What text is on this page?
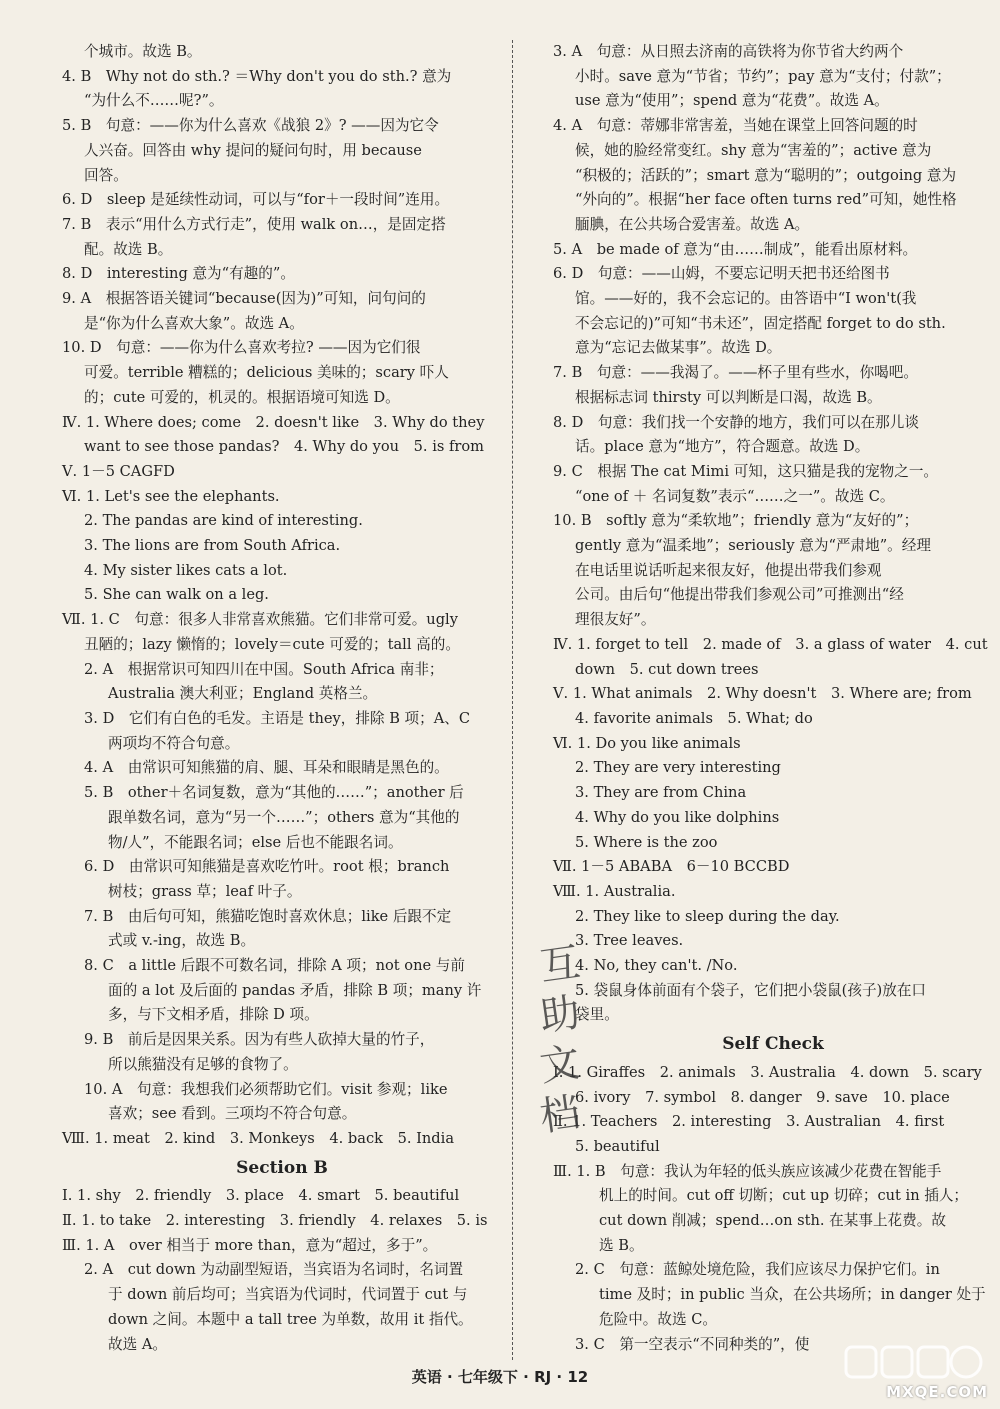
个城市。故选 B。
4. B　Why not do sth.? ＝Why don't you do sth.? 意为
“为什么不……呢?”。
5. B　句意：——你为什么喜欢《战狼 2》? ——因为它令
人兴奋。回答由 why 提问的疑问句时，用 because
回答。
6. D　sleep 是延续性动词，可以与“for＋一段时间”连用。
7. B　表示“用什么方式行走”，使用 walk on…，是固定搭
配。故选 B。
8. D　interesting 意为“有趣的”。
9. A　根据答语关键词“because(因为)”可知，问句问的
是“你为什么喜欢大象”。故选 A。
10. D　句意：——你为什么喜欢考拉? ——因为它们很
可爱。terrible 糟糕的；delicious 美味的；scary 吓人
的；cute 可爱的，机灵的。根据语境可知选 D。
Ⅳ. 1. Where does; come　2. doesn't like　3. Why do they
want to see those pandas?　4. Why do you　5. is from
Ⅴ. 1－5 CAGFD
Ⅵ. 1. Let's see the elephants.
2. The pandas are kind of interesting.
3. The lions are from South Africa.
4. My sister likes cats a lot.
5. She can walk on a leg.
Ⅶ. 1. C　句意：很多人非常喜欢熊猫。它们非常可爱。ugly
丑陋的；lazy 懒惰的；lovely＝cute 可爱的；tall 高的。
2. A　根据常识可知四川在中国。South Africa 南非；
Australia 澳大利亚；England 英格兰。
3. D　它们有白色的毛发。主语是 they，排除 B 项；A、C
两项均不符合句意。
4. A　由常识可知熊猫的肩、腿、耳朵和眼睛是黑色的。
5. B　other＋名词复数，意为“其他的……”；another 后
跟单数名词，意为“另一个……”；others 意为“其他的
物/人”，不能跟名词；else 后也不能跟名词。
6. D　由常识可知熊猫是喜欢吃竹叶。root 根；branch
树枝；grass 草；leaf 叶子。
7. B　由后句可知，熊猫吃饱时喜欢休息；like 后跟不定
式或 v.-ing，故选 B。
8. C　a little 后跟不可数名词，排除 A 项；not one 与前
面的 a lot 及后面的 pandas 矛盾，排除 B 项；many 许
多，与下文相矛盾，排除 D 项。
9. B　前后是因果关系。因为有些人砍掉大量的竹子，
所以熊猫没有足够的食物了。
10. A　句意：我想我们必须帮助它们。visit 参观；like
喜欢；see 看到。三项均不符合句意。
Ⅷ. 1. meat　2. kind　3. Monkeys　4. back　5. India
Section B
Ⅰ. 1. shy　2. friendly　3. place　4. smart　5. beautiful
Ⅱ. 1. to take　2. interesting　3. friendly　4. relaxes　5. is
Ⅲ. 1. A　over 相当于 more than，意为“超过，多于”。
2. A　cut down 为动副型短语，当宾语为名词时，名词置
于 down 前后均可；当宾语为代词时，代词置于 cut 与
down 之间。本题中 a tall tree 为单数，故用 it 指代。
故选 A。
3. A　句意：从日照去济南的高铁将为你节省大约两个
小时。save 意为“节省；节约”；pay 意为“支付；付款”；
use 意为“使用”；spend 意为“花费”。故选 A。
4. A　句意：蒂娜非常害羞，当她在课堂上回答问题的时
候，她的脸经常变红。shy 意为“害羞的”；active 意为
“积极的；活跃的”；smart 意为“聪明的”；outgoing 意为
“外向的”。根据“her face often turns red”可知，她性格
腼腆，在公共场合爱害羞。故选 A。
5. A　be made of 意为“由……制成”，能看出原材料。
6. D　句意：——山姆，不要忘记明天把书还给图书
馆。——好的，我不会忘记的。由答语中“I won't(我
不会忘记的)”可知“书未还”，固定搭配 forget to do sth.
意为“忘记去做某事”。故选 D。
7. B　句意：——我渴了。——杯子里有些水，你喝吧。
根据标志词 thirsty 可以判断是口渴，故选 B。
8. D　句意：我们找一个安静的地方，我们可以在那儿谈
话。place 意为“地方”，符合题意。故选 D。
9. C　根据 The cat Mimi 可知，这只猫是我的宠物之一。
“one of ＋ 名词复数”表示“……之一”。故选 C。
10. B　softly 意为“柔软地”；friendly 意为“友好的”；
gently 意为“温柔地”；seriously 意为“严肃地”。经理
在电话里说话听起来很友好，他提出带我们参观
公司。由后句“他提出带我们参观公司”可推测出“经
理很友好”。
Ⅳ. 1. forget to tell　2. made of　3. a glass of water　4. cut
down　5. cut down trees
Ⅴ. 1. What animals　2. Why doesn't　3. Where are; from
4. favorite animals　5. What; do
Ⅵ. 1. Do you like animals
2. They are very interesting
3. They are from China
4. Why do you like dolphins
5. Where is the zoo
Ⅶ. 1－5 ABABA　6－10 BCCBD
Ⅷ. 1. Australia.
2. They like to sleep during the day.
3. Tree leaves.
4. No, they can't. /No.
5. 袋鼠身体前面有个袋子，它们把小袋鼠(孩子)放在口
袋里。
Self Check
Ⅰ. 1. Giraffes　2. animals　3. Australia　4. down　5. scary
6. ivory　7. symbol　8. danger　9. save　10. place
Ⅱ. 1. Teachers　2. interesting　3. Australian　4. first
5. beautiful
Ⅲ. 1. B　句意：我认为年轻的低头族应该减少花费在智能手
机上的时间。cut off 切断；cut up 切碎；cut in 插人；
cut down 削减；spend…on sth. 在某事上花费。故
选 B。
2. C　句意：蓝鲸处境危险，我们应该尽力保护它们。in
time 及时；in public 当众，在公共场所；in danger 处于
危险中。故选 C。
3. C　第一空表示“不同种类的”，使
互
助
文
档
英语 · 七年级下 · RJ · 12
MXQE.COM
